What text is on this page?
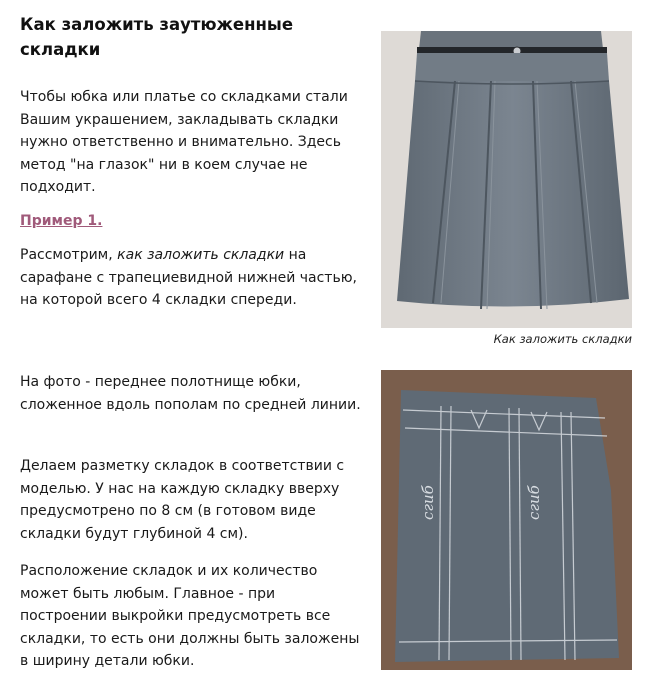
Как заложить заутюженные складки

Чтобы юбка или платье со складками стали Вашим украшением, закладывать складки нужно ответственно и внимательно. Здесь метод "на глазок" ни в коем случае не подходит.

Пример 1.

Рассмотрим, как заложить складки на сарафане с трапециевидной нижней частью, на которой всего 4 складки спереди.

На фото - переднее полотнище юбки, сложенное вдоль пополам по средней линии.

Делаем разметку складок в соответствии с моделью. У нас на каждую складку вверху предусмотрено по 8 см (в готовом виде складки будут глубиной 4 см).

Расположение складок и их количество может быть любым. Главное - при построении выкройки предусмотреть все складки, то есть они должны быть заложены в ширину детали юбки.

Как заложить складки

сгиб	сгиб
